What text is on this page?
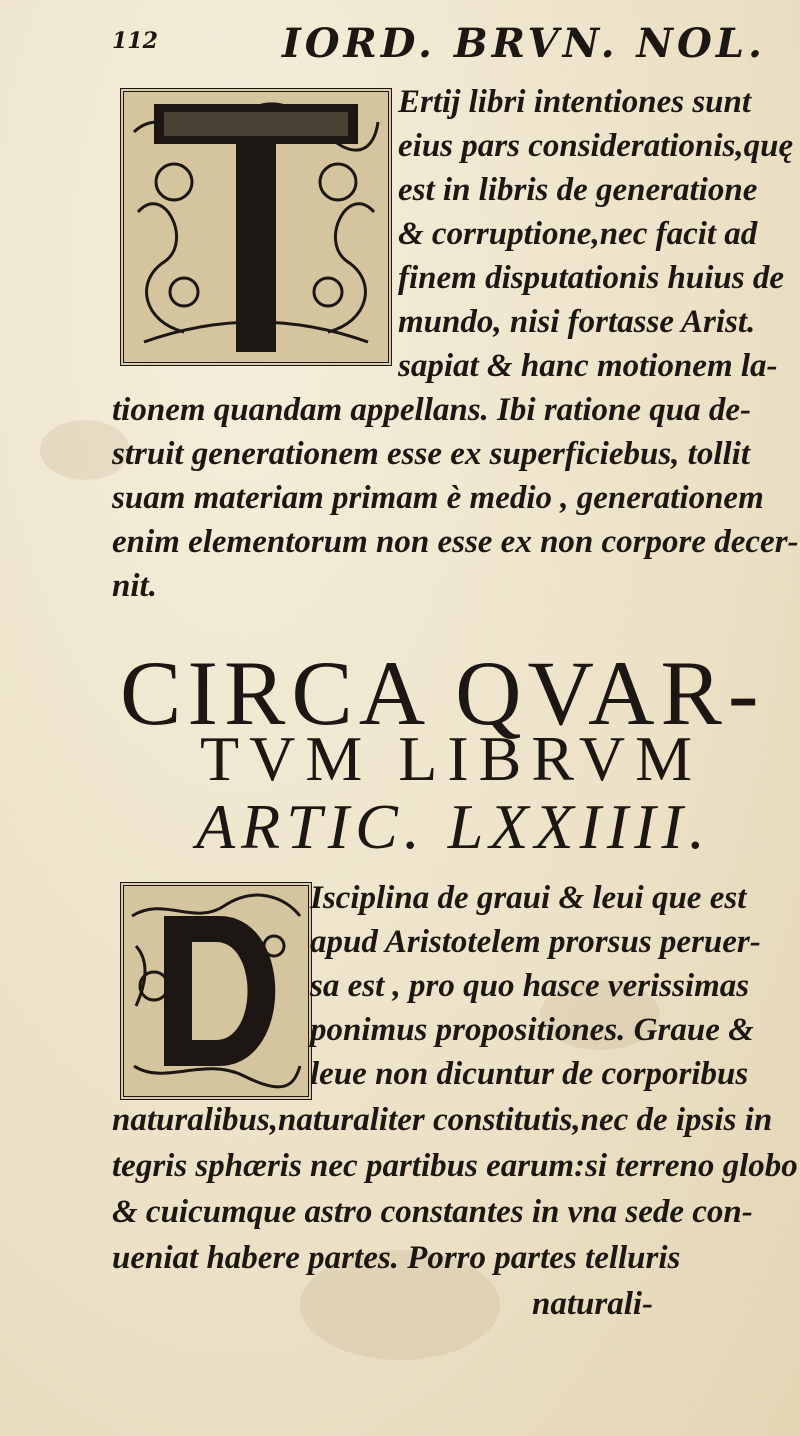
112	IORD. BRVN. NOL.
Ertij libri intentiones sunt
eius pars considerationis,quę
est in libris de generatione
& corruptione,nec facit ad
finem disputationis huius de
mundo, nisi fortasse Arist.
sapiat & hanc motionem la-
tionem quandam appellans. Ibi ratione qua de-
struit generationem esse ex superficiebus, tollit
suam materiam primam è medio , generationem
enim elementorum non esse ex non corpore decer-
nit.
CIRCA QVAR-
TVM LIBRVM
ARTIC. LXXIIII.
Isciplina de graui & leui que est
apud Aristotelem prorsus peruer-
sa est , pro quo hasce verissimas
ponimus propositiones. Graue &
leue non dicuntur de corporibus
naturalibus,naturaliter constitutis,nec de ipsis in
tegris sphæris nec partibus earum:si terreno globo
& cuicumque astro constantes in vna sede con-
ueniat habere partes. Porro partes telluris
naturali-
